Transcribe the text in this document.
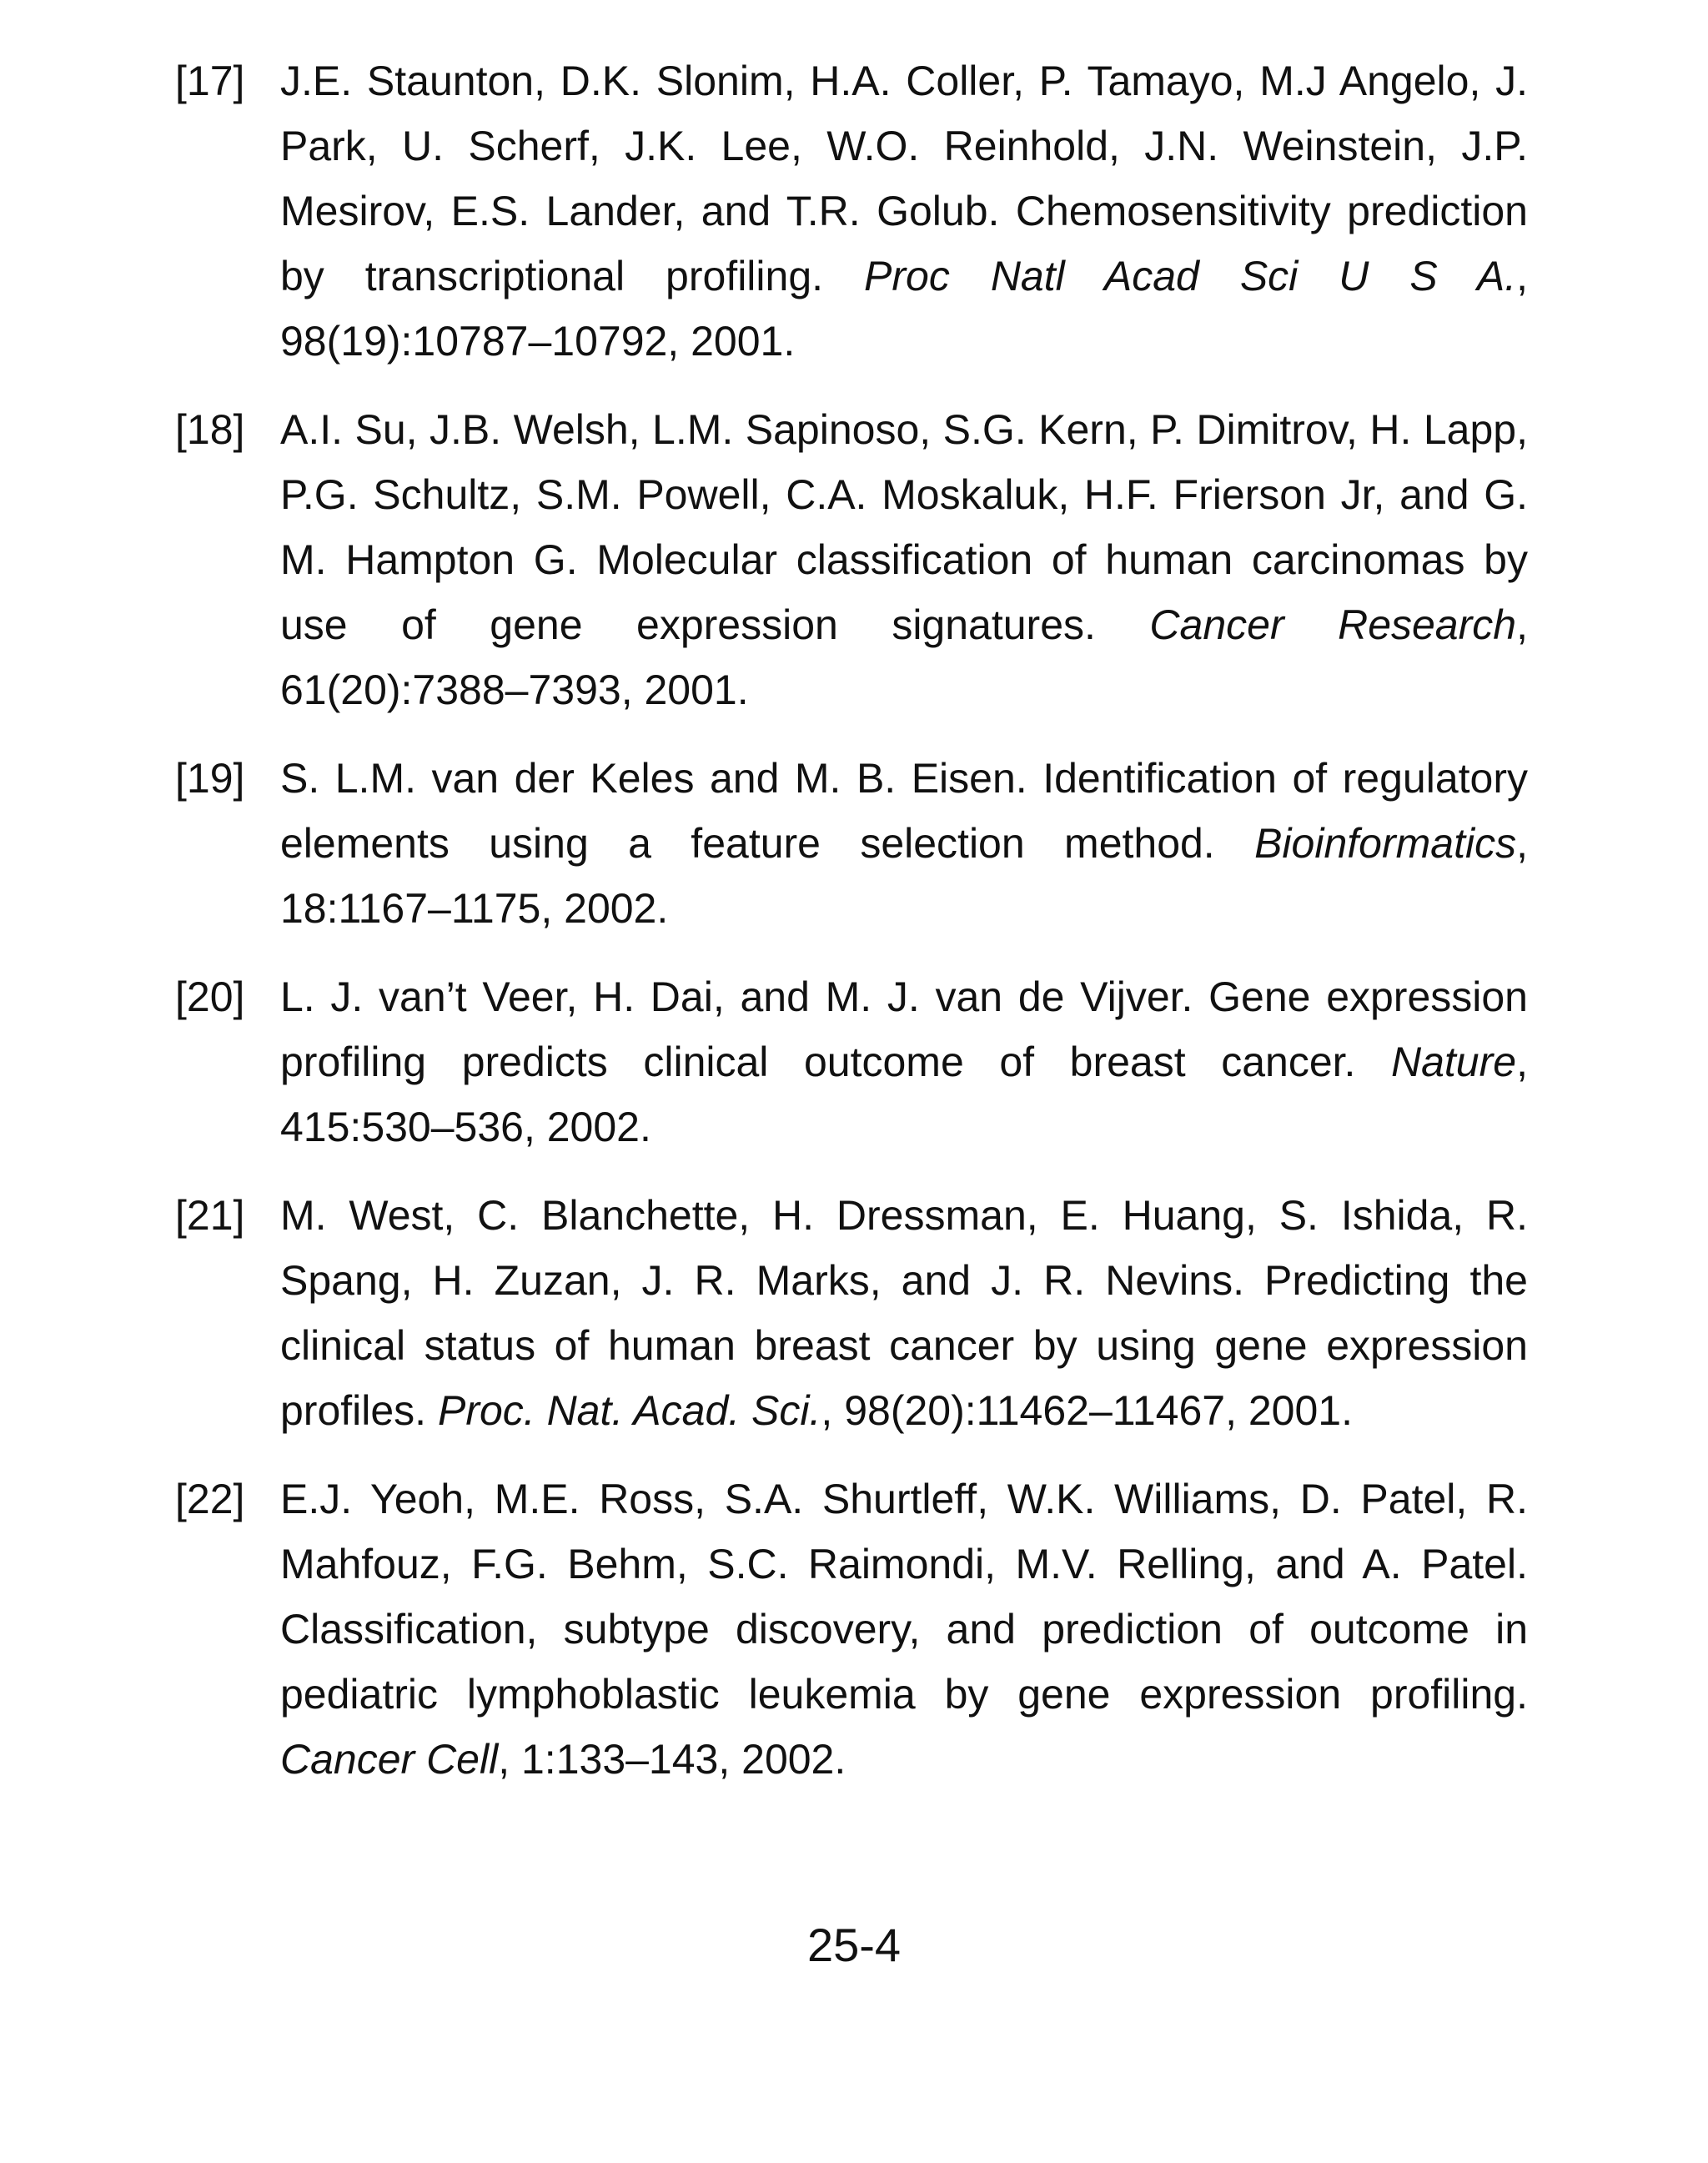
[17] J.E. Staunton, D.K. Slonim, H.A. Coller, P. Tamayo, M.J Angelo, J. Park, U. Scherf, J.K. Lee, W.O. Reinhold, J.N. Weinstein, J.P. Mesirov, E.S. Lander, and T.R. Golub. Chemosensitivity prediction by transcriptional profiling. Proc Natl Acad Sci U S A., 98(19):10787–10792, 2001.
[18] A.I. Su, J.B. Welsh, L.M. Sapinoso, S.G. Kern, P. Dimitrov, H. Lapp, P.G. Schultz, S.M. Powell, C.A. Moskaluk, H.F. Frierson Jr, and G. M. Hampton G. Molecular classification of human carcinomas by use of gene expression signatures. Cancer Research, 61(20):7388–7393, 2001.
[19] S. L.M. van der Keles and M. B. Eisen. Identification of regulatory elements using a feature selection method. Bioinformatics, 18:1167–1175, 2002.
[20] L. J. van’t Veer, H. Dai, and M. J. van de Vijver. Gene expression profiling predicts clinical outcome of breast cancer. Nature, 415:530–536, 2002.
[21] M. West, C. Blanchette, H. Dressman, E. Huang, S. Ishida, R. Spang, H. Zuzan, J. R. Marks, and J. R. Nevins. Predicting the clinical status of human breast cancer by using gene expression profiles. Proc. Nat. Acad. Sci., 98(20):11462–11467, 2001.
[22] E.J. Yeoh, M.E. Ross, S.A. Shurtleff, W.K. Williams, D. Patel, R. Mahfouz, F.G. Behm, S.C. Raimondi, M.V. Relling, and A. Patel. Classification, subtype discovery, and prediction of outcome in pediatric lymphoblastic leukemia by gene expression profiling. Cancer Cell, 1:133–143, 2002.
25-4
